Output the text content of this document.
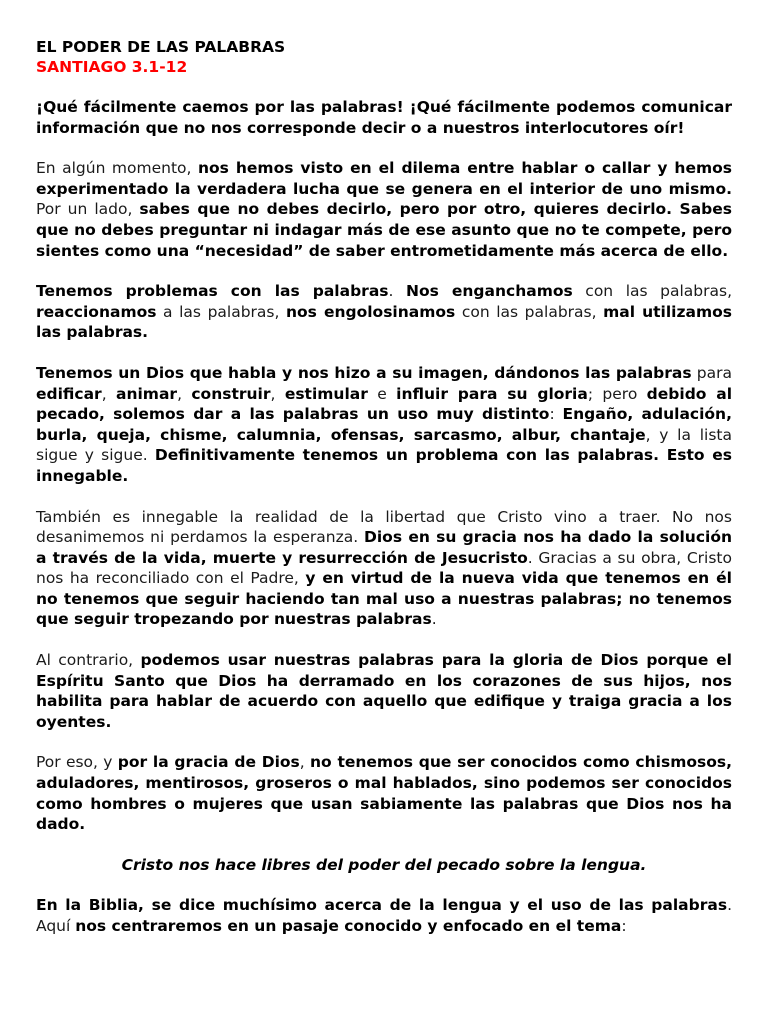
EL PODER DE LAS PALABRAS
SANTIAGO 3.1-12

¡Qué fácilmente caemos por las palabras! ¡Qué fácilmente podemos comunicar información que no nos corresponde decir o a nuestros interlocutores oír!

En algún momento, nos hemos visto en el dilema entre hablar o callar y hemos experimentado la verdadera lucha que se genera en el interior de uno mismo. Por un lado, sabes que no debes decirlo, pero por otro, quieres decirlo. Sabes que no debes preguntar ni indagar más de ese asunto que no te compete, pero sientes como una “necesidad” de saber entrometidamente más acerca de ello.

Tenemos problemas con las palabras. Nos enganchamos con las palabras, reaccionamos a las palabras, nos engolosinamos con las palabras, mal utilizamos las palabras.

Tenemos un Dios que habla y nos hizo a su imagen, dándonos las palabras para edificar, animar, construir, estimular e influir para su gloria; pero debido al pecado, solemos dar a las palabras un uso muy distinto: Engaño, adulación, burla, queja, chisme, calumnia, ofensas, sarcasmo, albur, chantaje, y la lista sigue y sigue. Definitivamente tenemos un problema con las palabras. Esto es innegable.

También es innegable la realidad de la libertad que Cristo vino a traer. No nos desanimemos ni perdamos la esperanza. Dios en su gracia nos ha dado la solución a través de la vida, muerte y resurrección de Jesucristo. Gracias a su obra, Cristo nos ha reconciliado con el Padre, y en virtud de la nueva vida que tenemos en él no tenemos que seguir haciendo tan mal uso a nuestras palabras; no tenemos que seguir tropezando por nuestras palabras.

Al contrario, podemos usar nuestras palabras para la gloria de Dios porque el Espíritu Santo que Dios ha derramado en los corazones de sus hijos, nos habilita para hablar de acuerdo con aquello que edifique y traiga gracia a los oyentes.

Por eso, y por la gracia de Dios, no tenemos que ser conocidos como chismosos, aduladores, mentirosos, groseros o mal hablados, sino podemos ser conocidos como hombres o mujeres que usan sabiamente las palabras que Dios nos ha dado.

Cristo nos hace libres del poder del pecado sobre la lengua.

En la Biblia, se dice muchísimo acerca de la lengua y el uso de las palabras. Aquí nos centraremos en un pasaje conocido y enfocado en el tema:
